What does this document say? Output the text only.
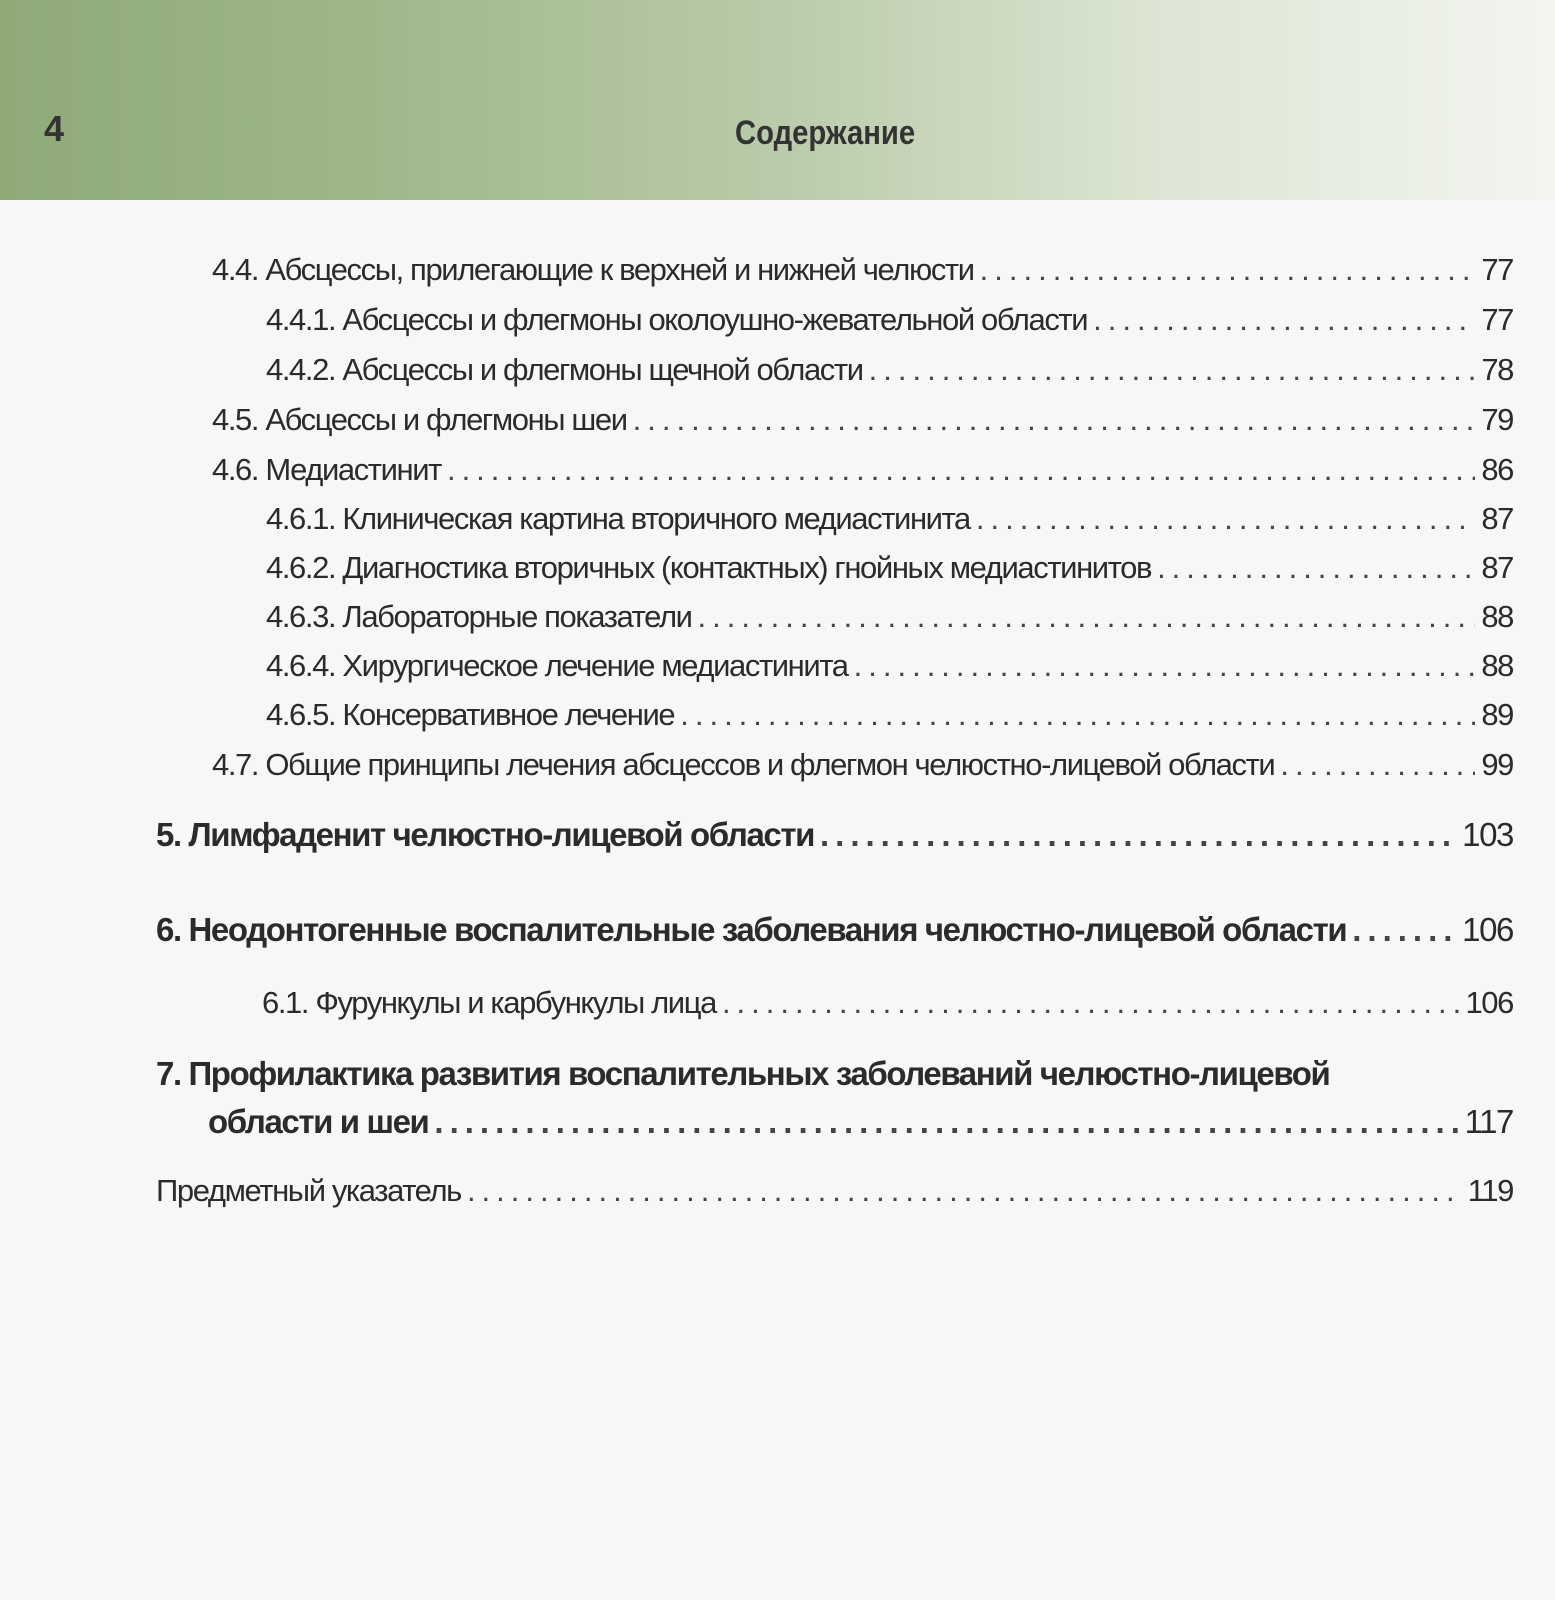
4	Содержание
4.4. Абсцессы, прилегающие к верхней и нижней челюсти .....	77
4.4.1. Абсцессы и флегмоны околоушно-жевательной области .....	77
4.4.2. Абсцессы и флегмоны щечной области .....	78
4.5. Абсцессы и флегмоны шеи .....	79
4.6. Медиастинит .....	86
4.6.1. Клиническая картина вторичного медиастинита .....	87
4.6.2. Диагностика вторичных (контактных) гнойных медиастинитов .....	87
4.6.3. Лабораторные показатели .....	88
4.6.4. Хирургическое лечение медиастинита .....	88
4.6.5. Консервативное лечение .....	89
4.7. Общие принципы лечения абсцессов и флегмон челюстно-лицевой области .....	99
5. Лимфаденит челюстно-лицевой области .....	103
6. Неодонтогенные воспалительные заболевания челюстно-лицевой области .....	106
6.1. Фурункулы и карбункулы лица .....	106
7. Профилактика развития воспалительных заболеваний челюстно-лицевой
области и шеи .....	117
Предметный указатель .....	119
